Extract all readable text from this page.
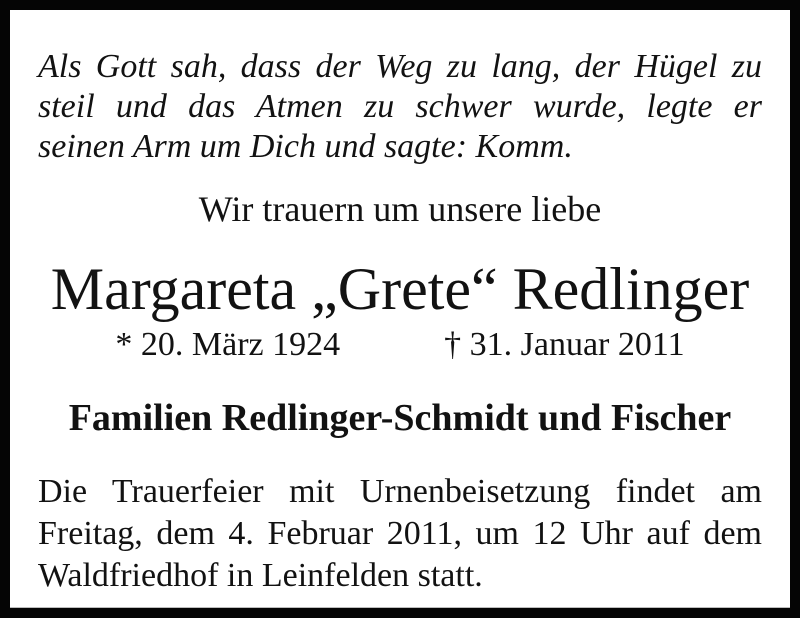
Als Gott sah, dass der Weg zu lang, der Hügel zu
steil und das Atmen zu schwer wurde, legte er
seinen Arm um Dich und sagte: Komm.
Wir trauern um unsere liebe
Margareta „Grete“ Redlinger
* 20. März 1924	† 31. Januar 2011
Familien Redlinger-Schmidt und Fischer
Die Trauerfeier mit Urnenbeisetzung findet am
Freitag, dem 4. Februar 2011, um 12 Uhr auf dem
Waldfriedhof in Leinfelden statt.
